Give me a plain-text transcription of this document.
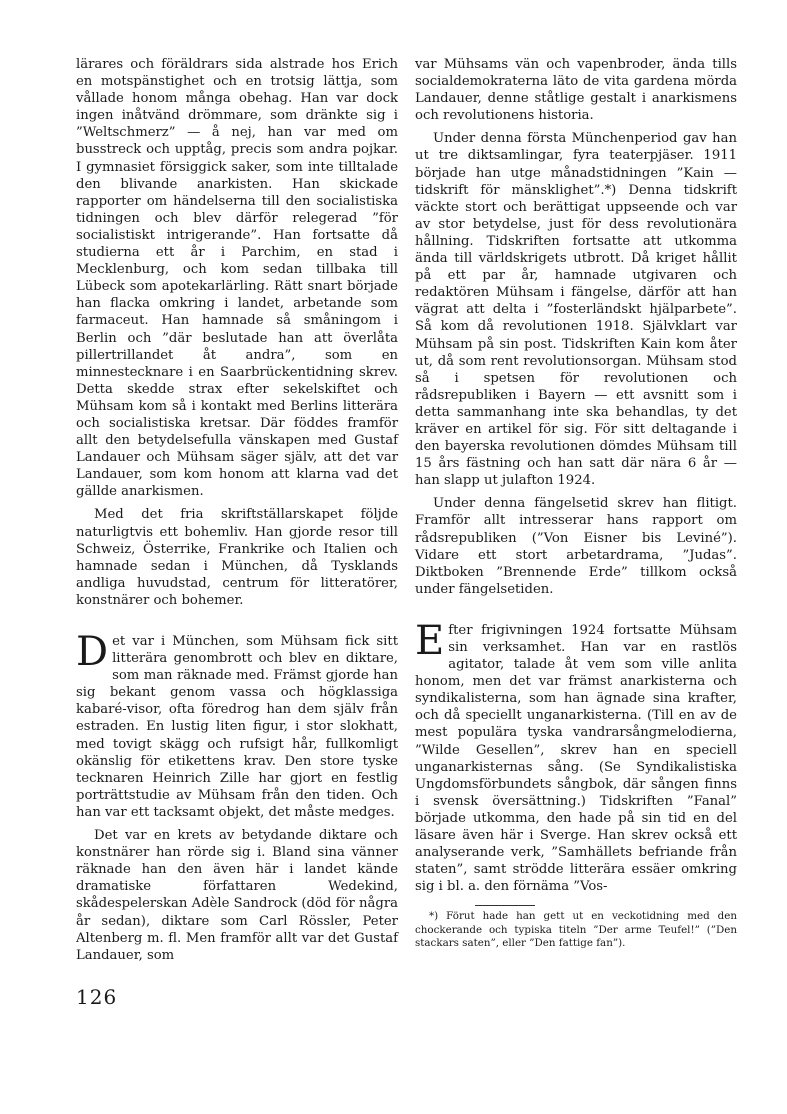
lärares och föräldrars sida alstrade hos Erich en motspänstighet och en trotsig lättja, som vållade honom många obehag. Han var dock ingen inåtvänd drömmare, som dränkte sig i ”Weltschmerz” — å nej, han var med om busstreck och upptåg, precis som andra pojkar. I gymnasiet försiggick saker, som inte tilltalade den blivande anarkisten. Han skickade rapporter om händelserna till den socialistiska tidningen och blev därför relegerad ”för socialistiskt intrigerande”. Han fortsatte då studierna ett år i Parchim, en stad i Mecklenburg, och kom sedan tillbaka till Lübeck som apotekarlärling. Rätt snart började han flacka omkring i landet, arbetande som farmaceut. Han hamnade så småningom i Berlin och ”där beslutade han att överlåta pillertrillandet åt andra”, som en minnestecknare i en Saarbrückentidning skrev. Detta skedde strax efter sekelskiftet och Mühsam kom så i kontakt med Berlins litterära och socialistiska kretsar. Där föddes framför allt den betydelsefulla vänskapen med Gustaf Landauer och Mühsam säger själv, att det var Landauer, som kom honom att klarna vad det gällde anarkismen.

Med det fria skriftställarskapet följde naturligtvis ett bohemliv. Han gjorde resor till Schweiz, Österrike, Frankrike och Italien och hamnade sedan i München, då Tysklands andliga huvudstad, centrum för litteratörer, konstnärer och bohemer.

Det var i München, som Mühsam fick sitt litterära genombrott och blev en diktare, som man räknade med. Främst gjorde han sig bekant genom vassa och högklassiga kabaré-visor, ofta föredrog han dem själv från estraden. En lustig liten figur, i stor slokhatt, med tovigt skägg och rufsigt hår, fullkomligt okänslig för etikettens krav. Den store tyske tecknaren Heinrich Zille har gjort en festlig porträttstudie av Mühsam från den tiden. Och han var ett tacksamt objekt, det måste medges.

Det var en krets av betydande diktare och konstnärer han rörde sig i. Bland sina vänner räknade han den även här i landet kände dramatiske författaren Wedekind, skådespelerskan Adèle Sandrock (död för några år sedan), diktare som Carl Rössler, Peter Altenberg m. fl. Men framför allt var det Gustaf Landauer, som

var Mühsams vän och vapenbroder, ända tills socialdemokraterna läto de vita gardena mörda Landauer, denne ståtlige gestalt i anarkismens och revolutionens historia.

Under denna första Münchenperiod gav han ut tre diktsamlingar, fyra teaterpjäser. 1911 började han utge månadstidningen ”Kain — tidskrift för mänsklighet”.*) Denna tidskrift väckte stort och berättigat uppseende och var av stor betydelse, just för dess revolutionära hållning. Tidskriften fortsatte att utkomma ända till världskrigets utbrott. Då kriget hållit på ett par år, hamnade utgivaren och redaktören Mühsam i fängelse, därför att han vägrat att delta i ”fosterländskt hjälparbete”. Så kom då revolutionen 1918. Självklart var Mühsam på sin post. Tidskriften Kain kom åter ut, då som rent revolutionsorgan. Mühsam stod så i spetsen för revolutionen och rådsrepubliken i Bayern — ett avsnitt som i detta sammanhang inte ska behandlas, ty det kräver en artikel för sig. För sitt deltagande i den bayerska revolutionen dömdes Mühsam till 15 års fästning och han satt där nära 6 år — han slapp ut julafton 1924.

Under denna fängelsetid skrev han flitigt. Framför allt intresserar hans rapport om rådsrepubliken (”Von Eisner bis Leviné”). Vidare ett stort arbetardrama, ”Judas”. Diktboken ”Brennende Erde” tillkom också under fängelsetiden.

Efter frigivningen 1924 fortsatte Mühsam sin verksamhet. Han var en rastlös agitator, talade åt vem som ville anlita honom, men det var främst anarkisterna och syndikalisterna, som han ägnade sina krafter, och då speciellt unganarkisterna. (Till en av de mest populära tyska vandrarsångmelodierna, ”Wilde Gesellen”, skrev han en speciell unganarkisternas sång. (Se Syndikalistiska Ungdomsförbundets sångbok, där sången finns i svensk översättning.) Tidskriften ”Fanal” började utkomma, den hade på sin tid en del läsare även här i Sverge. Han skrev också ett analyserande verk, ”Samhällets befriande från staten”, samt strödde litterära essäer omkring sig i bl. a. den förnäma ”Vos-

*) Förut hade han gett ut en veckotidning med den chockerande och typiska titeln ”Der arme Teufel!” (”Den stackars saten”, eller ”Den fattige fan”).

126
